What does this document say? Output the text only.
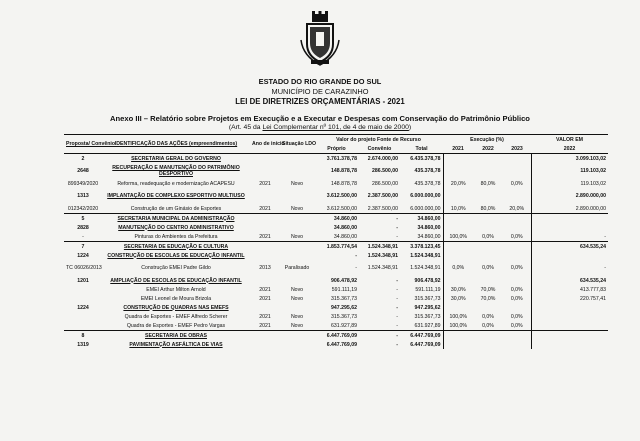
ESTADO DO RIO GRANDE DO SUL
MUNICÍPIO DE CARAZINHO
LEI DE DIRETRIZES ORÇAMENTÁRIAS - 2021
Anexo III – Relatório sobre Projetos em Execução e a Executar e Despesas com Conservação do Patrimônio Público
(Art. 45 da Lei Complementar nº 101, de 4 de maio de 2000)
Proposta/ Convênio	IDENTIFICAÇÃO DAS AÇÕES (empreendimentos)	Ano de início	Situação LDO	Valor do projeto Fonte de Recurso			Execução (%)			VALOR EM
				Próprio	Convênio	Total	2021	2022	2023	2022
2	SECRETARIA GERAL DO GOVERNO			3.761.378,78	2.674.000,00	6.435.378,78				3.099.103,02
2648	RECUPERAÇÃO E MANUTENÇÃO DO PATRIMÔNIO DESPORTIVO			148.878,78	286.500,00	435.378,78				119.103,02
899349/2020	Reforma, readequação e modernização ACAPESU	2021	Novo	148.878,78	286.500,00	435.378,78	20,0%	80,0%	0,0%	119.103,02
1313	IMPLANTAÇÃO DE COMPLEXO ESPORTIVO MULTIUSO			3.612.500,00	2.387.500,00	6.000.000,00				2.890.000,00
012342/2020	Construção de um Ginásio de Esportes	2021	Novo	3.612.500,00	2.387.500,00	6.000.000,00	10,0%	80,0%	20,0%	2.890.000,00
5	SECRETARIA MUNICIPAL DA ADMINISTRAÇÃO			34.860,00	-	34.860,00				
2828	MANUTENÇÃO DO CENTRO ADMINISTRATIVO			34.860,00	-	34.860,00				
-	Pinturas do Ambientes da Prefeitura	2021	Novo	34.860,00	-	34.860,00	100,0%	0,0%	0,0%	-
7	SECRETARIA DE EDUCAÇÃO E CULTURA			1.853.774,54	1.524.348,91	3.378.123,45				634.535,24
1224	CONSTRUÇÃO DE ESCOLAS DE EDUCAÇÃO INFANTIL			-	1.524.348,91	1.524.348,91				
TC 06026/2013	Construção EMEI Padre Gildo	2013	Paralisado	-	1.524.348,91	1.524.348,91	0,0%	0,0%	0,0%	-
1201	AMPLIAÇÃO DE ESCOLAS DE EDUCAÇÃO INFANTIL			906.478,92	-	906.478,92				634.535,24
	EMEI Arthur Milton Arnold	2021	Novo	591.111,19	-	591.111,19	30,0%	70,0%	0,0%	413.777,83
	EMEI Leonel de Moura Brizola	2021	Novo	315.367,73	-	315.367,73	30,0%	70,0%	0,0%	220.757,41
1224	CONSTRUÇÃO DE QUADRAS NAS EMEFS			947.295,62	-	947.295,62				
	Quadra de Esportes - EMEF Alfredo Scherer	2021	Novo	315.367,73	-	315.367,73	100,0%	0,0%	0,0%	
	Quadra de Esportes - EMEF Pedro Vargas	2021	Novo	631.927,89	-	631.927,89	100,0%	0,0%	0,0%	
8	SECRETARIA DE OBRAS			6.447.769,09	-	6.447.769,09				
1319	PAVIMENTAÇÃO ASFÁLTICA DE VIAS			6.447.769,09	-	6.447.769,09				
